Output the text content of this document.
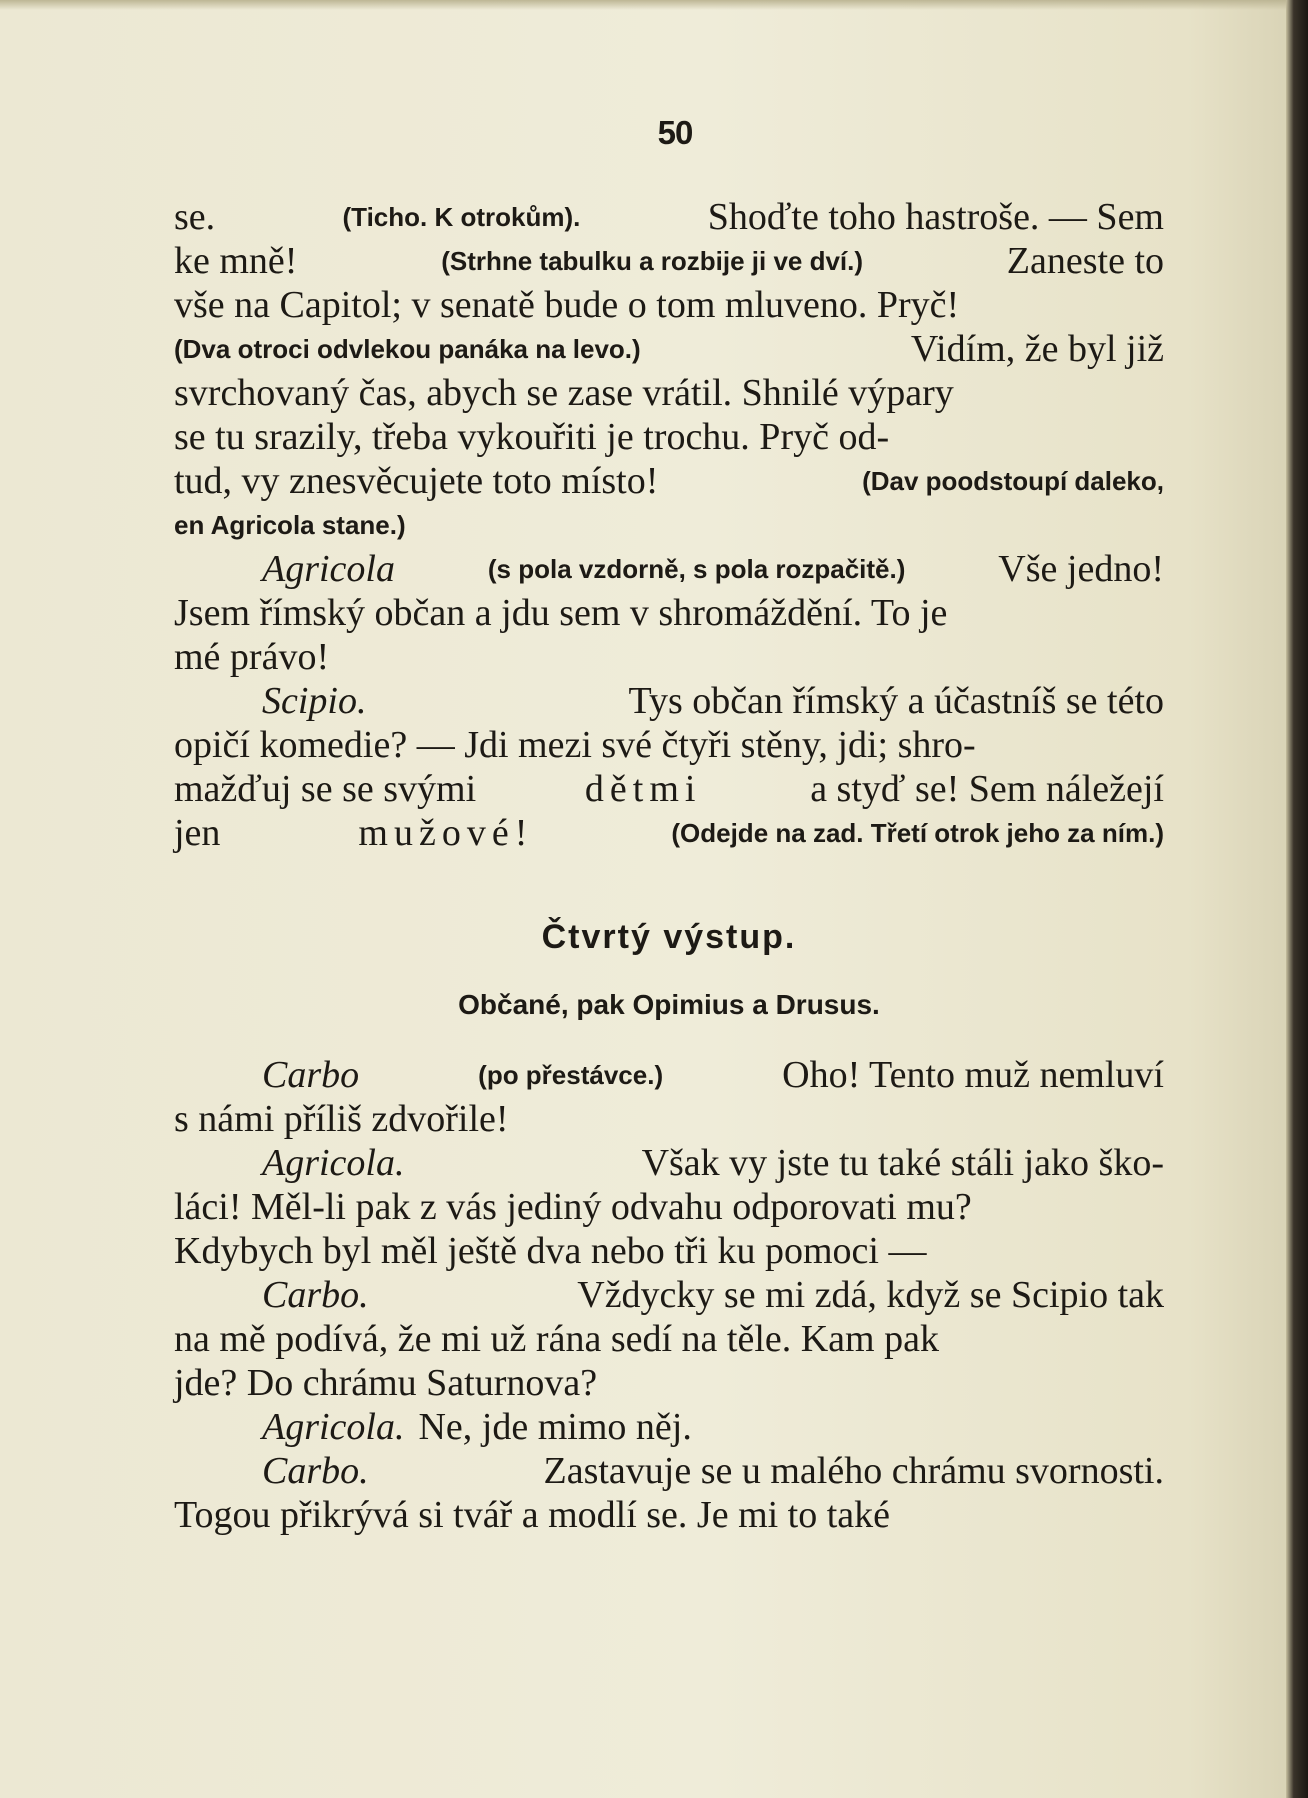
50
se.	(Ticho. K otrokům).	Shoďte toho hastroše. — Sem
ke mně!	(Strhne tabulku a rozbije ji ve dví.)	Zaneste to
vše na Capitol; v senatě bude o tom mluveno. Pryč!
(Dva otroci odvlekou panáka na levo.)	Vidím, že byl již
svrchovaný čas, abych se zase vrátil. Shnilé výpary
se tu srazily, třeba vykouřiti je trochu. Pryč od-
tud, vy znesvěcujete toto místo!	(Dav poodstoupí daleko,
en Agricola stane.)
Agricola	(s pola vzdorně, s pola rozpačitě.) Vše jedno!
Jsem římský občan a jdu sem v shromáždění. To je
mé právo!
Scipio.	Tys občan římský a účastníš se této
opičí komedie? — Jdi mezi své čtyři stěny, jdi; shro-
mažďuj se se svými	dětmi	a styď se! Sem náležejí
jen	mužové!	(Odejde na zad. Třetí otrok jeho za ním.)
Čtvrtý výstup.
Občané, pak Opimius a Drusus.
Carbo	(po přestávce.)	Oho! Tento muž nemluví
s námi příliš zdvořile!
Agricola.	Však vy jste tu také stáli jako ško-
láci! Měl-li pak z vás jediný odvahu odporovati mu?
Kdybych byl měl ještě dva nebo tři ku pomoci —
Carbo.	Vždycky se mi zdá, když se Scipio tak
na mě podívá, že mi už rána sedí na těle. Kam pak
jde? Do chrámu Saturnova?
Agricola. Ne, jde mimo něj.
Carbo.	Zastavuje se u malého chrámu svornosti.
Togou přikrývá si tvář a modlí se. Je mi to také
